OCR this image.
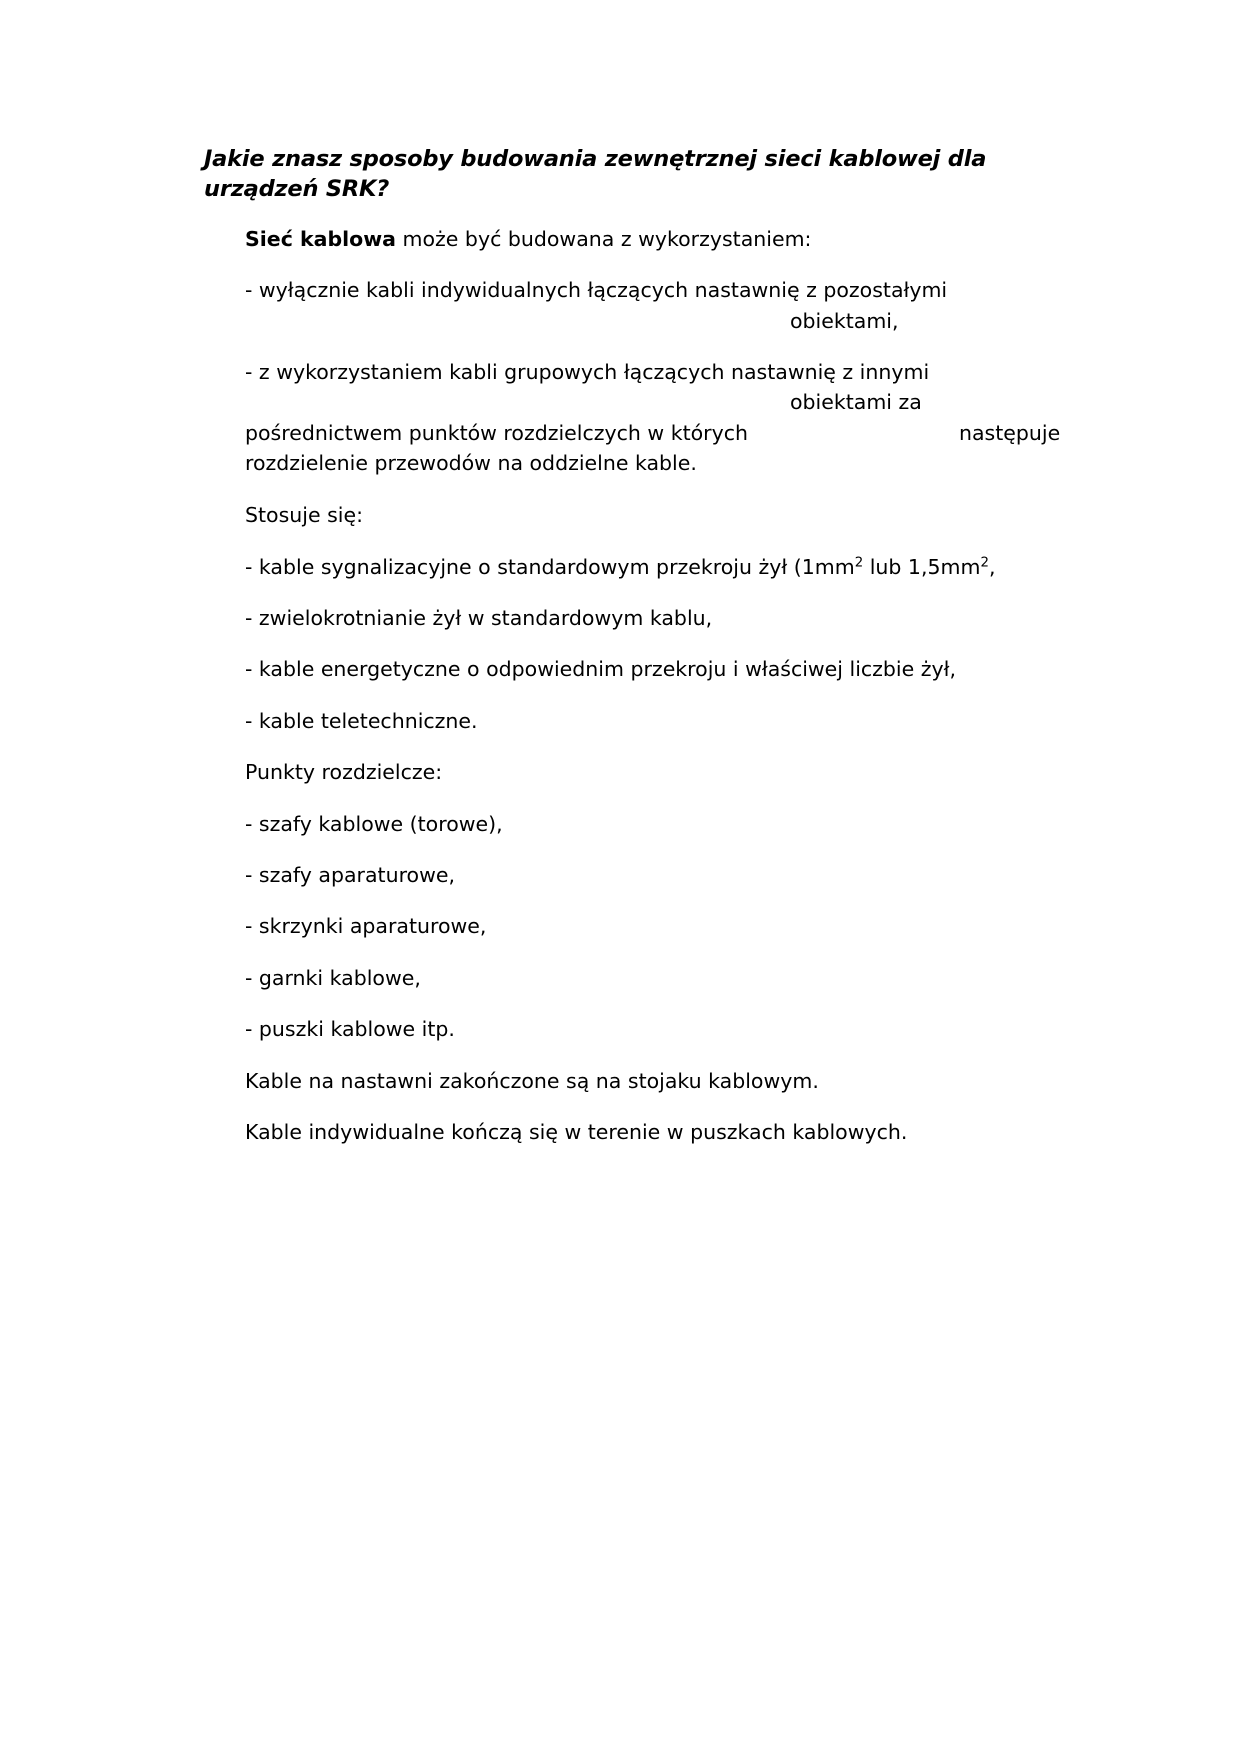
Jakie znasz sposoby budowania zewnętrznej sieci kablowej dla
urządzeń SRK?

Sieć kablowa może być budowana z wykorzystaniem:

- wyłącznie kabli indywidualnych łączących nastawnię z pozostałymi

obiektami,

- z wykorzystaniem kabli grupowych łączących nastawnię z innymi

obiektami za

pośrednictwem punktów rozdzielczych w których	następuje

rozdzielenie przewodów na oddzielne kable.

Stosuje się:

- kable sygnalizacyjne o standardowym przekroju żył ($1mm^2$ lub $1,5mm^2$,

- zwielokrotnianie żył w standardowym kablu,

- kable energetyczne o odpowiednim przekroju i właściwej liczbie żył,

- kable teletechniczne.

Punkty rozdzielcze:

- szafy kablowe (torowe),

- szafy aparaturowe,

- skrzynki aparaturowe,

- garnki kablowe,

- puszki kablowe itp.

Kable na nastawni zakończone są na stojaku kablowym.

Kable indywidualne kończą się w terenie w puszkach kablowych.
